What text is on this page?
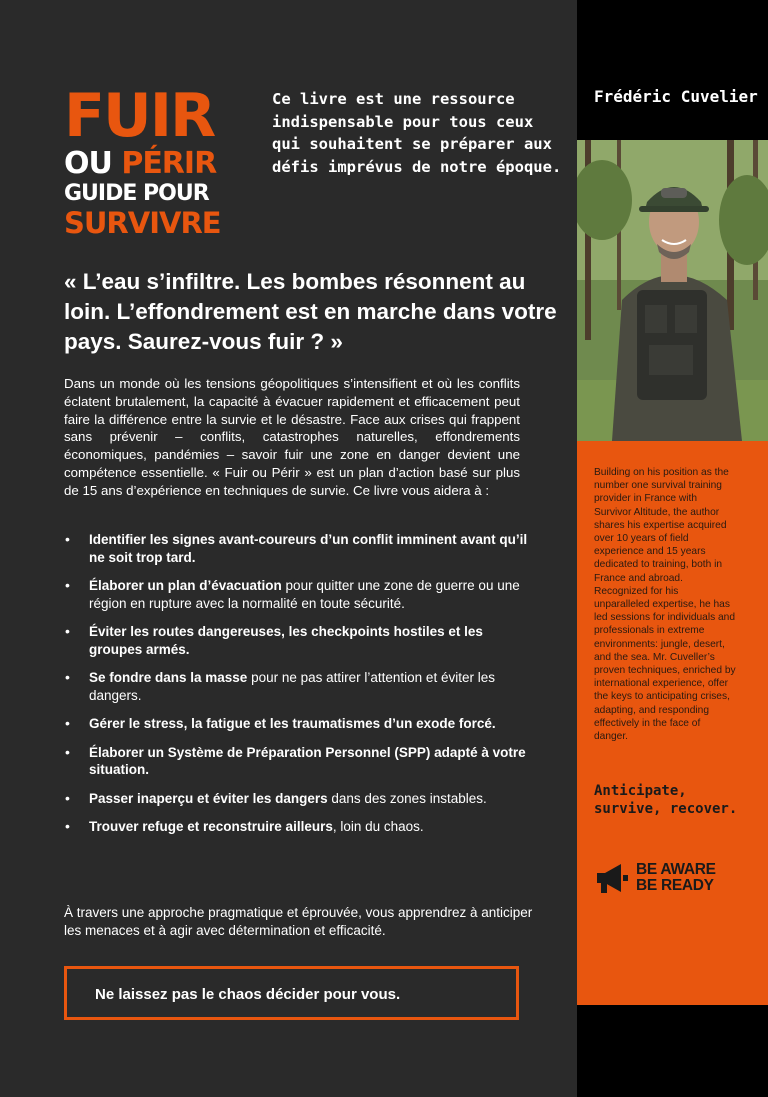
FUIR
OU PÉRIR
GUIDE POUR
SURVIVRE
Ce livre est une ressource indispensable pour tous ceux qui souhaitent se préparer aux défis imprévus de notre époque.
« L’eau s’infiltre. Les bombes résonnent au loin. L’effondrement est en marche dans votre pays. Saurez-vous fuir ? »

Dans un monde où les tensions géopolitiques s’intensifient et où les conflits éclatent brutalement, la capacité à évacuer rapidement et efficacement peut faire la différence entre la survie et le désastre. Face aux crises qui frappent sans prévenir – conflits, catastrophes naturelles, effondrements économiques, pandémies – savoir fuir une zone en danger devient une compétence essentielle. « Fuir ou Périr » est un plan d’action basé sur plus de 15 ans d’expérience en techniques de survie. Ce livre vous aidera à :

• Identifier les signes avant-coureurs d’un conflit imminent avant qu’il ne soit trop tard.
• Élaborer un plan d’évacuation pour quitter une zone de guerre ou une région en rupture avec la normalité en toute sécurité.
• Éviter les routes dangereuses, les checkpoints hostiles et les groupes armés.
• Se fondre dans la masse pour ne pas attirer l’attention et éviter les dangers.
• Gérer le stress, la fatigue et les traumatismes d’un exode forcé.
• Élaborer un Système de Préparation Personnel (SPP) adapté à votre situation.
• Passer inaperçu et éviter les dangers dans des zones instables.
• Trouver refuge et reconstruire ailleurs, loin du chaos.

À travers une approche pragmatique et éprouvée, vous apprendrez à anticiper les menaces et à agir avec détermination et efficacité.

Ne laissez pas le chaos décider pour vous.
Frédéric Cuvelier

Building on his position as the number one survival training provider in France with Survivor Altitude, the author shares his expertise acquired over 10 years of field experience and 15 years dedicated to training, both in France and abroad. Recognized for his unparalleled expertise, he has led sessions for individuals and professionals in extreme environments: jungle, desert, and the sea. Mr. Cuveller’s proven techniques, enriched by international experience, offer the keys to anticipating crises, adapting, and responding effectively in the face of danger.

Anticipate, survive, recover.
BE AWARE
BE READY
